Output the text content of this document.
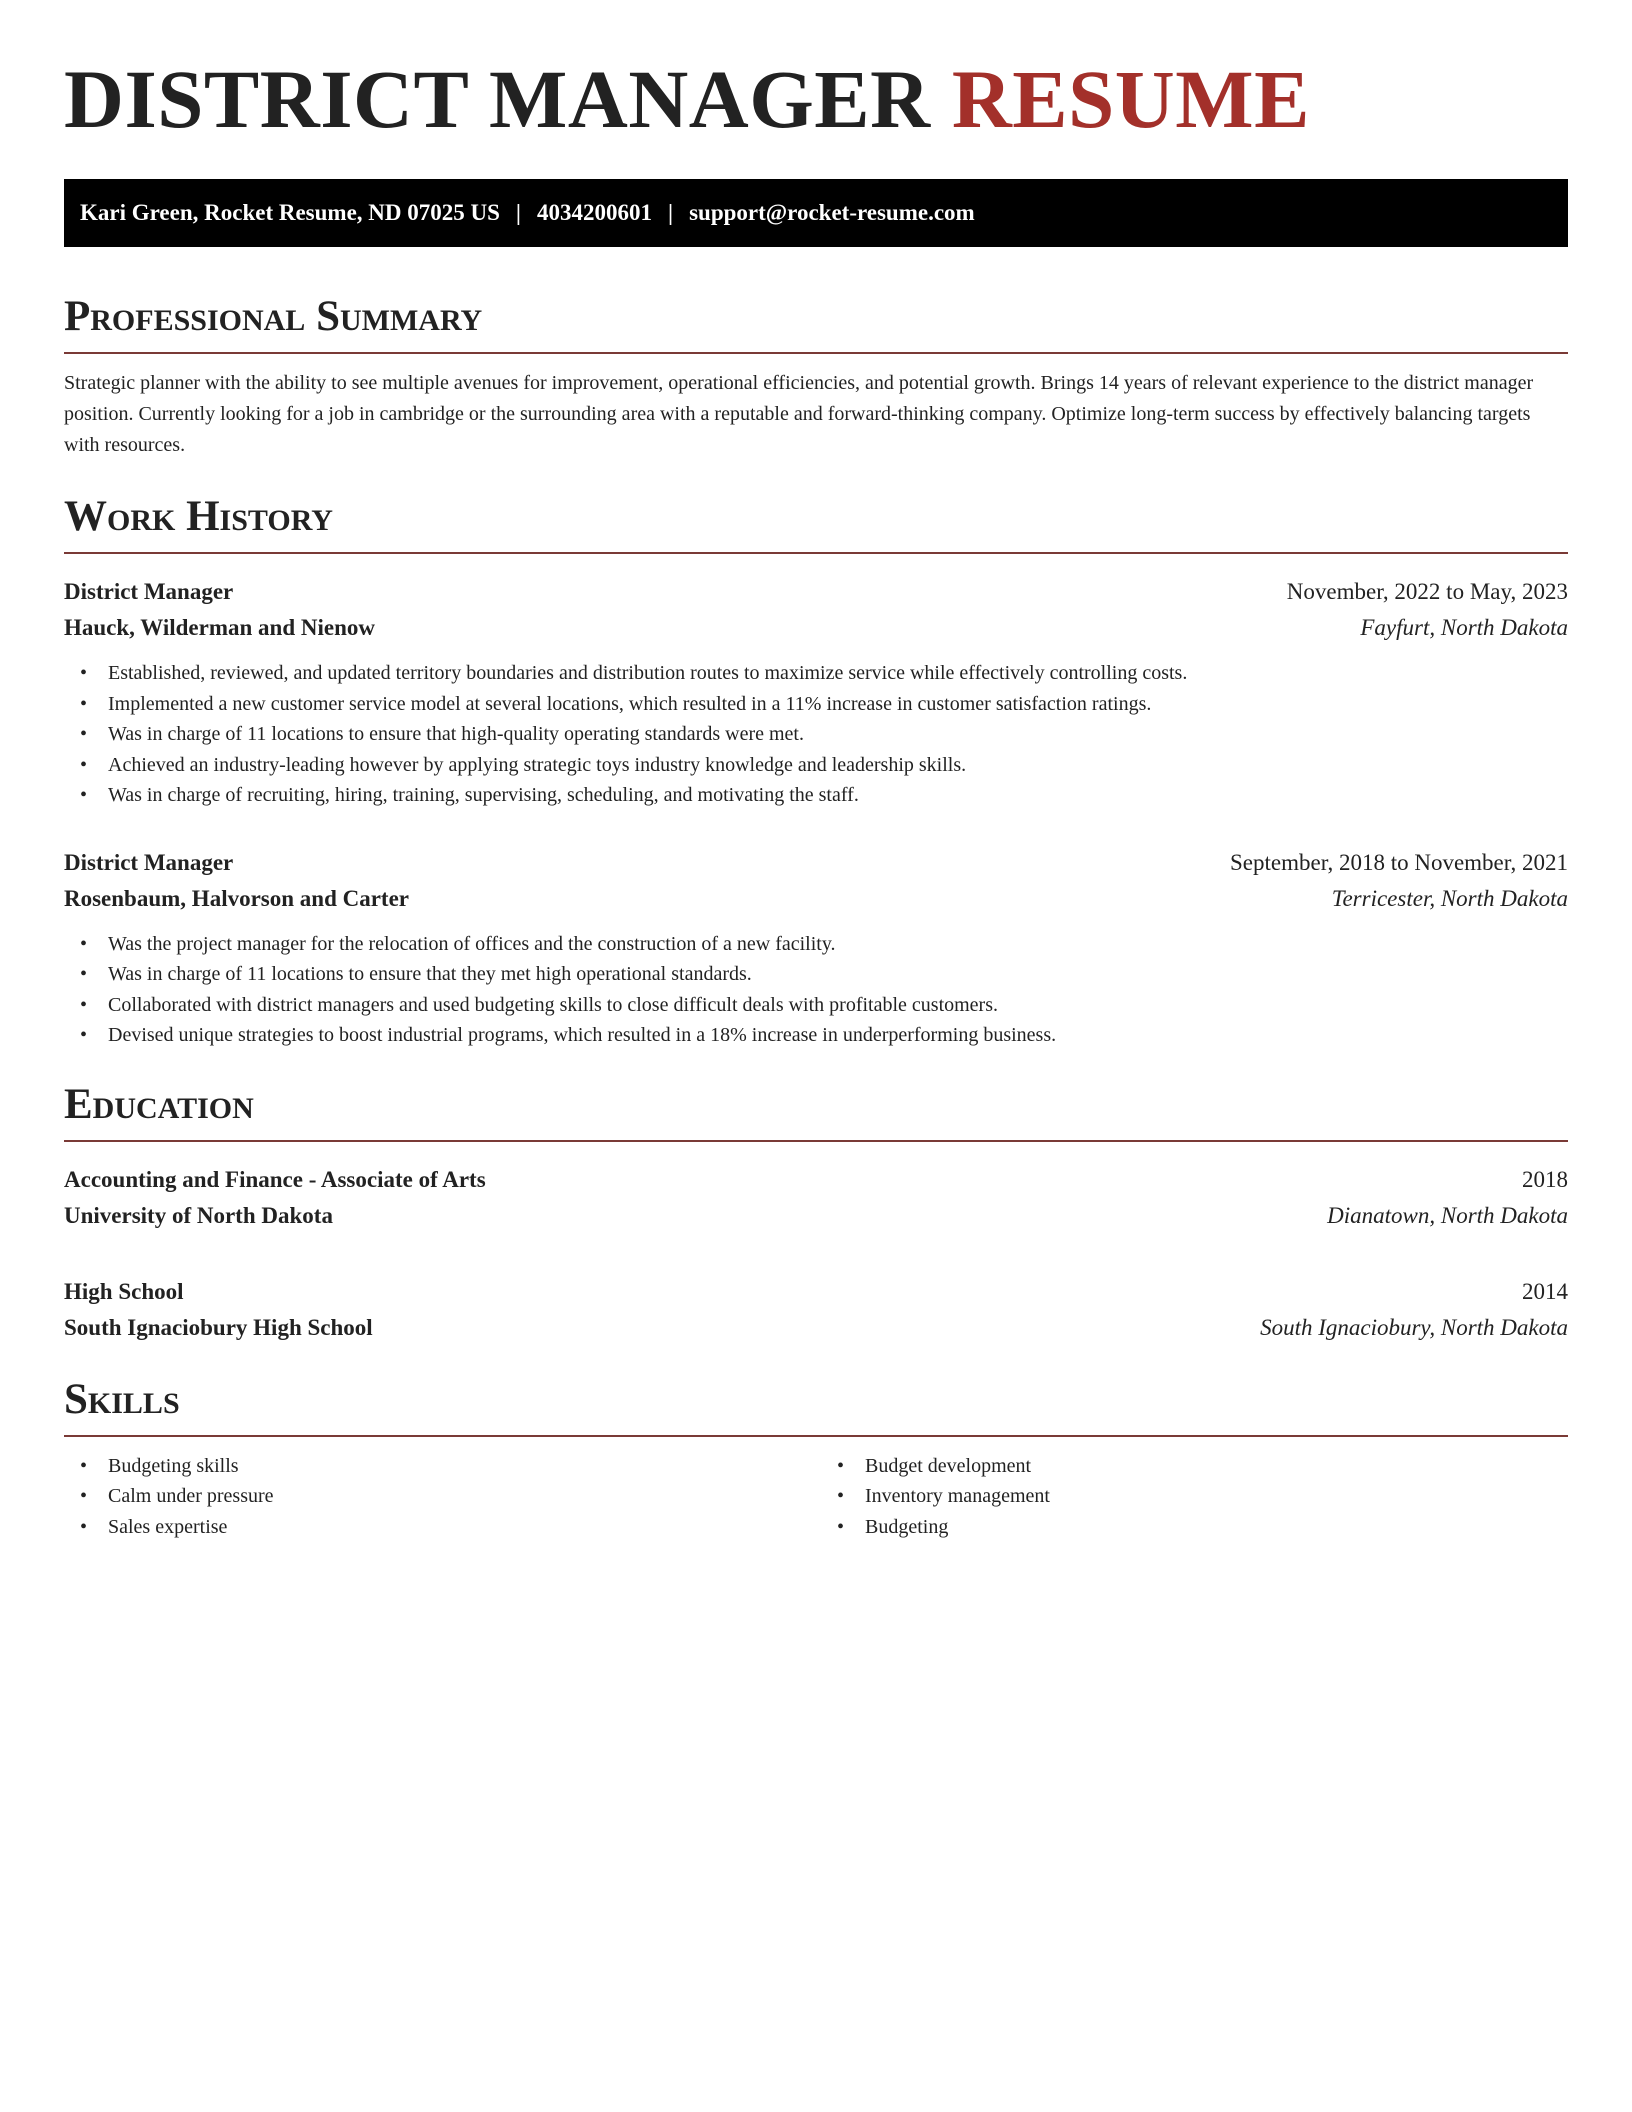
DISTRICT MANAGER RESUME
Kari Green, Rocket Resume, ND 07025 US | 4034200601 | support@rocket-resume.com
Professional Summary

Strategic planner with the ability to see multiple avenues for improvement, operational efficiencies, and potential growth. Brings 14 years of relevant experience to the district manager position. Currently looking for a job in cambridge or the surrounding area with a reputable and forward-thinking company. Optimize long-term success by effectively balancing targets with resources.

Work History
District Manager	November, 2022 to May, 2023
Hauck, Wilderman and Nienow	Fayfurt, North Dakota
• Established, reviewed, and updated territory boundaries and distribution routes to maximize service while effectively controlling costs.
• Implemented a new customer service model at several locations, which resulted in a 11% increase in customer satisfaction ratings.
• Was in charge of 11 locations to ensure that high-quality operating standards were met.
• Achieved an industry-leading however by applying strategic toys industry knowledge and leadership skills.
• Was in charge of recruiting, hiring, training, supervising, scheduling, and motivating the staff.
District Manager	September, 2018 to November, 2021
Rosenbaum, Halvorson and Carter	Terricester, North Dakota
• Was the project manager for the relocation of offices and the construction of a new facility.
• Was in charge of 11 locations to ensure that they met high operational standards.
• Collaborated with district managers and used budgeting skills to close difficult deals with profitable customers.
• Devised unique strategies to boost industrial programs, which resulted in a 18% increase in underperforming business.
Education
Accounting and Finance - Associate of Arts	2018
University of North Dakota	Dianatown, North Dakota
High School	2014
South Ignaciobury High School	South Ignaciobury, North Dakota
Skills
• Budgeting skills
• Calm under pressure
• Sales expertise
• Budget development
• Inventory management
• Budgeting
